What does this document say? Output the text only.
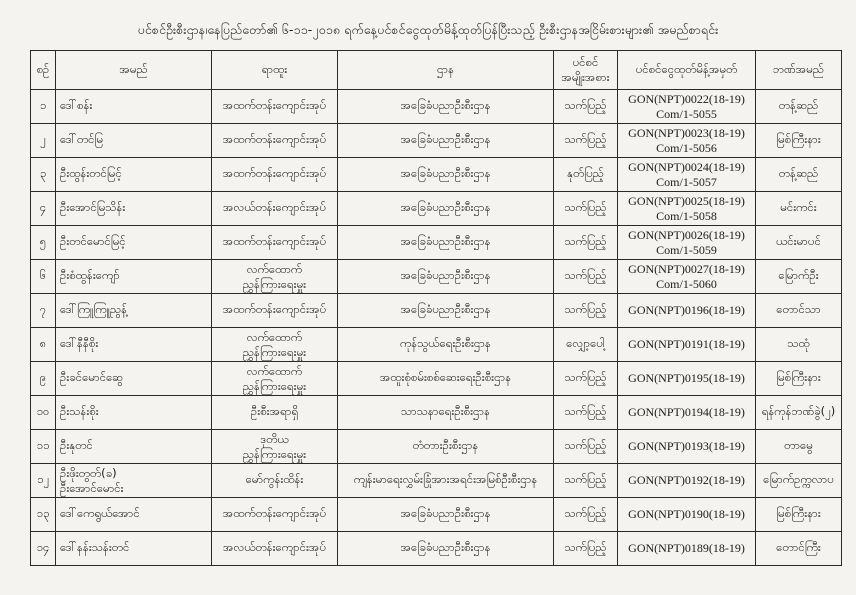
ပင်စင်ဦးစီးဌာန၊နေပြည်တော်၏ ၆-၁၁-၂၀၁၈ ရက်နေ့ပင်စင်ငွေထုတ်မိန့်ထုတ်ပြန်ပြီးသည့် ဦးစီးဌာနအငြိမ်းစားများ၏ အမည်စာရင်း
စဉ်	အမည်	ရာထူး	ဌာန	ပင်စင်
အမျိုးအစား	ပင်စင်ငွေထုတ်မိန့်အမှတ်	ဘဏ်အမည်
၁	ဒေါ်စန်း	အထက်တန်းကျောင်းအုပ်	အခြေခံပညာဦးစီးဌာန	သက်ပြည့်	GON(NPT)0022(18-19)
Com/1-5055	တန့်ဆည်
၂	ဒေါ်တင်မြ	အထက်တန်းကျောင်းအုပ်	အခြေခံပညာဦးစီးဌာန	သက်ပြည့်	GON(NPT)0023(18-19)
Com/1-5056	မြစ်ကြီးနား
၃	ဦးထွန်းတင်မြင့်	အထက်တန်းကျောင်းအုပ်	အခြေခံပညာဦးစီးဌာန	နုတ်ပြည့်	GON(NPT)0024(18-19)
Com/1-5057	တန့်ဆည်
၄	ဦးအောင်မြသိန်း	အလယ်တန်းကျောင်းအုပ်	အခြေခံပညာဦးစီးဌာန	သက်ပြည့်	GON(NPT)0025(18-19)
Com/1-5058	မင်းကင်း
၅	ဦးတင်မောင်မြင့်	အထက်တန်းကျောင်းအုပ်	အခြေခံပညာဦးစီးဌာန	သက်ပြည့်	GON(NPT)0026(18-19)
Com/1-5059	ယင်းမာပင်
၆	ဦးစံထွန်းကျော်	လက်ထောက်
ညွှန်ကြားရေးမှူး	အခြေခံပညာဦးစီးဌာန	သက်ပြည့်	GON(NPT)0027(18-19)
Com/1-5060	မြောက်ဦး
၇	ဒေါ်ကြူကြူညွန့်	အထက်တန်းကျောင်းအုပ်	အခြေခံပညာဦးစီးဌာန	သက်ပြည့်	GON(NPT)0196(18-19)	တောင်သာ
၈	ဒေါ်နီနီစိုး	လက်ထောက်
ညွှန်ကြားရေးမှူး	ကုန်သွယ်ရေးဦးစီးဌာန	လျှော့ပေါ့	GON(NPT)0191(18-19)	သထုံ
၉	ဦးခင်မောင်ဆွေ	လက်ထောက်
ညွှန်ကြားရေးမှူး	အထူးစုံစမ်းစစ်ဆေးရေးဦးစီးဌာန	သက်ပြည့်	GON(NPT)0195(18-19)	မြစ်ကြီးနား
၁၀	ဦးသန်းစိုး	ဦးစီးအရာရှိ	သာသနာရေးဦးစီးဌာန	သက်ပြည့်	GON(NPT)0194(18-19)	ရန်ကုန်ဘဏ်ခွဲ(၂)
၁၁	ဦးနုတင်	ဒုတိယ
ညွှန်ကြားရေးမှူး	တံတားဦးစီးဌာန	သက်ပြည့်	GON(NPT)0193(18-19)	တာမွေ
၁၂	ဦးဖိုးတွတ်(ခ)
ဦးအောင်မောင်း	မော်ကွန်းထိန်း	ကျန်းမာရေးလွှမ်းခြုံအားအရင်းအမြစ်ဦးစီးဌာန	သက်ပြည့်	GON(NPT)0192(18-19)	မြောက်ဥက္ကလာပ
၁၃	ဒေါ်ကေရွယ်အောင်	အထက်တန်းကျောင်းအုပ်	အခြေခံပညာဦးစီးဌာန	သက်ပြည့်	GON(NPT)0190(18-19)	မြစ်ကြီးနား
၁၄	ဒေါ်နန်းသန်းတင်	အလယ်တန်းကျောင်းအုပ်	အခြေခံပညာဦးစီးဌာန	သက်ပြည့်	GON(NPT)0189(18-19)	တောင်ကြီး
